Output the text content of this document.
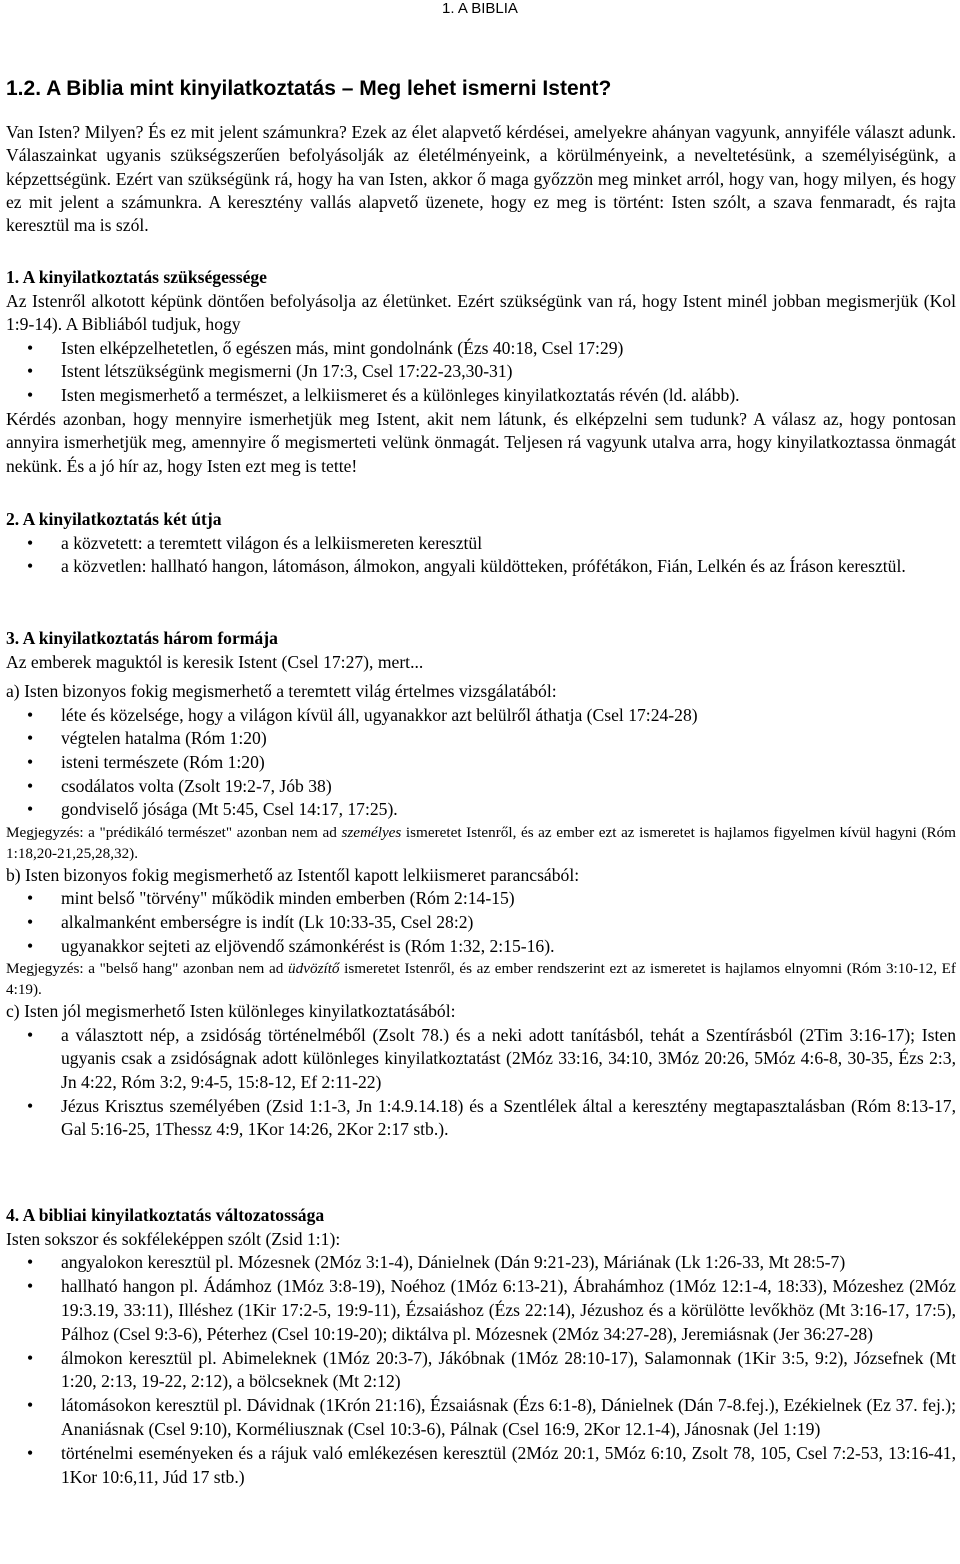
1. A BIBLIA
1.2. A Biblia mint kinyilatkoztatás – Meg lehet ismerni Istent?

Van Isten? Milyen? És ez mit jelent számunkra? Ezek az élet alapvető kérdései, amelyekre ahányan vagyunk, annyiféle választ adunk. Válaszainkat ugyanis szükségszerűen befolyásolják az életélményeink, a körülményeink, a neveltetésünk, a személyiségünk, a képzettségünk. Ezért van szükségünk rá, hogy ha van Isten, akkor ő maga győzzön meg minket arról, hogy van, hogy milyen, és hogy ez mit jelent a számunkra. A keresztény vallás alapvető üzenete, hogy ez meg is történt: Isten szólt, a szava fenmaradt, és rajta keresztül ma is szól.

1. A kinyilatkoztatás szükségessége

Az Istenről alkotott képünk döntően befolyásolja az életünket. Ezért szükségünk van rá, hogy Istent minél jobban megismerjük (Kol 1:9-14). A Bibliából tudjuk, hogy

• Isten elképzelhetetlen, ő egészen más, mint gondolnánk (Ézs 40:18, Csel 17:29)
• Istent létszükségünk megismerni (Jn 17:3, Csel 17:22-23,30-31)
• Isten megismerhető a természet, a lelkiismeret és a különleges kinyilatkoztatás révén (ld. alább).

Kérdés azonban, hogy mennyire ismerhetjük meg Istent, akit nem látunk, és elképzelni sem tudunk? A válasz az, hogy pontosan annyira ismerhetjük meg, amennyire ő megismerteti velünk önmagát. Teljesen rá vagyunk utalva arra, hogy kinyilatkoztassa önmagát nekünk. És a jó hír az, hogy Isten ezt meg is tette!

2. A kinyilatkoztatás két útja
• a közvetett: a teremtett világon és a lelkiismereten keresztül
• a közvetlen: hallható hangon, látomáson, álmokon, angyali küldötteken, prófétákon, Fián, Lelkén és az Íráson keresztül.
3. A kinyilatkoztatás három formája

Az emberek maguktól is keresik Istent (Csel 17:27), mert...

a) Isten bizonyos fokig megismerhető a teremtett világ értelmes vizsgálatából:

• léte és közelsége, hogy a világon kívül áll, ugyanakkor azt belülről áthatja (Csel 17:24-28)
• végtelen hatalma (Róm 1:20)
• isteni természete (Róm 1:20)
• csodálatos volta (Zsolt 19:2-7, Jób 38)
• gondviselő jósága (Mt 5:45, Csel 14:17, 17:25).

Megjegyzés: a "prédikáló természet" azonban nem ad személyes ismeretet Istenről, és az ember ezt az ismeretet is hajlamos figyelmen kívül hagyni (Róm 1:18,20-21,25,28,32).

b) Isten bizonyos fokig megismerhető az Istentől kapott lelkiismeret parancsából:

• mint belső "törvény" működik minden emberben (Róm 2:14-15)
• alkalmanként emberségre is indít (Lk 10:33-35, Csel 28:2)
• ugyanakkor sejteti az eljövendő számonkérést is (Róm 1:32, 2:15-16).

Megjegyzés: a "belső hang" azonban nem ad üdvözítő ismeretet Istenről, és az ember rendszerint ezt az ismeretet is hajlamos elnyomni (Róm 3:10-12, Ef 4:19).

c) Isten jól megismerhető Isten különleges kinyilatkoztatásából:

• a választott nép, a zsidóság történelméből (Zsolt 78.) és a neki adott tanításból, tehát a Szentírásból (2Tim 3:16-17); Isten ugyanis csak a zsidóságnak adott különleges kinyilatkoztatást (2Móz 33:16, 34:10, 3Móz 20:26, 5Móz 4:6-8, 30-35, Ézs 2:3, Jn 4:22, Róm 3:2, 9:4-5, 15:8-12, Ef 2:11-22)
• Jézus Krisztus személyében (Zsid 1:1-3, Jn 1:4.9.14.18) és a Szentlélek által a keresztény megtapasztalásban (Róm 8:13-17, Gal 5:16-25, 1Thessz 4:9, 1Kor 14:26, 2Kor 2:17 stb.).
4. A bibliai kinyilatkoztatás változatossága

Isten sokszor és sokféleképpen szólt (Zsid 1:1):

• angyalokon keresztül pl. Mózesnek (2Móz 3:1-4), Dánielnek (Dán 9:21-23), Máriának (Lk 1:26-33, Mt 28:5-7)
• hallható hangon pl. Ádámhoz (1Móz 3:8-19), Noéhoz (1Móz 6:13-21), Ábrahámhoz (1Móz 12:1-4, 18:33), Mózeshez (2Móz 19:3.19, 33:11), Illéshez (1Kir 17:2-5, 19:9-11), Ézsaiáshoz (Ézs 22:14), Jézushoz és a körülötte levőkhöz (Mt 3:16-17, 17:5), Pálhoz (Csel 9:3-6), Péterhez (Csel 10:19-20); diktálva pl. Mózesnek (2Móz 34:27-28), Jeremiásnak (Jer 36:27-28)
• álmokon keresztül pl. Abimeleknek (1Móz 20:3-7), Jákóbnak (1Móz 28:10-17), Salamonnak (1Kir 3:5, 9:2), Józsefnek (Mt 1:20, 2:13, 19-22, 2:12), a bölcseknek (Mt 2:12)
• látomásokon keresztül pl. Dávidnak (1Krón 21:16), Ézsaiásnak (Ézs 6:1-8), Dánielnek (Dán 7-8.fej.), Ezékielnek (Ez 37. fej.); Ananiásnak (Csel 9:10), Korméliusznak (Csel 10:3-6), Pálnak (Csel 16:9, 2Kor 12.1-4), Jánosnak (Jel 1:19)
• történelmi eseményeken és a rájuk való emlékezésen keresztül (2Móz 20:1, 5Móz 6:10, Zsolt 78, 105, Csel 7:2-53, 13:16-41, 1Kor 10:6,11, Júd 17 stb.)
